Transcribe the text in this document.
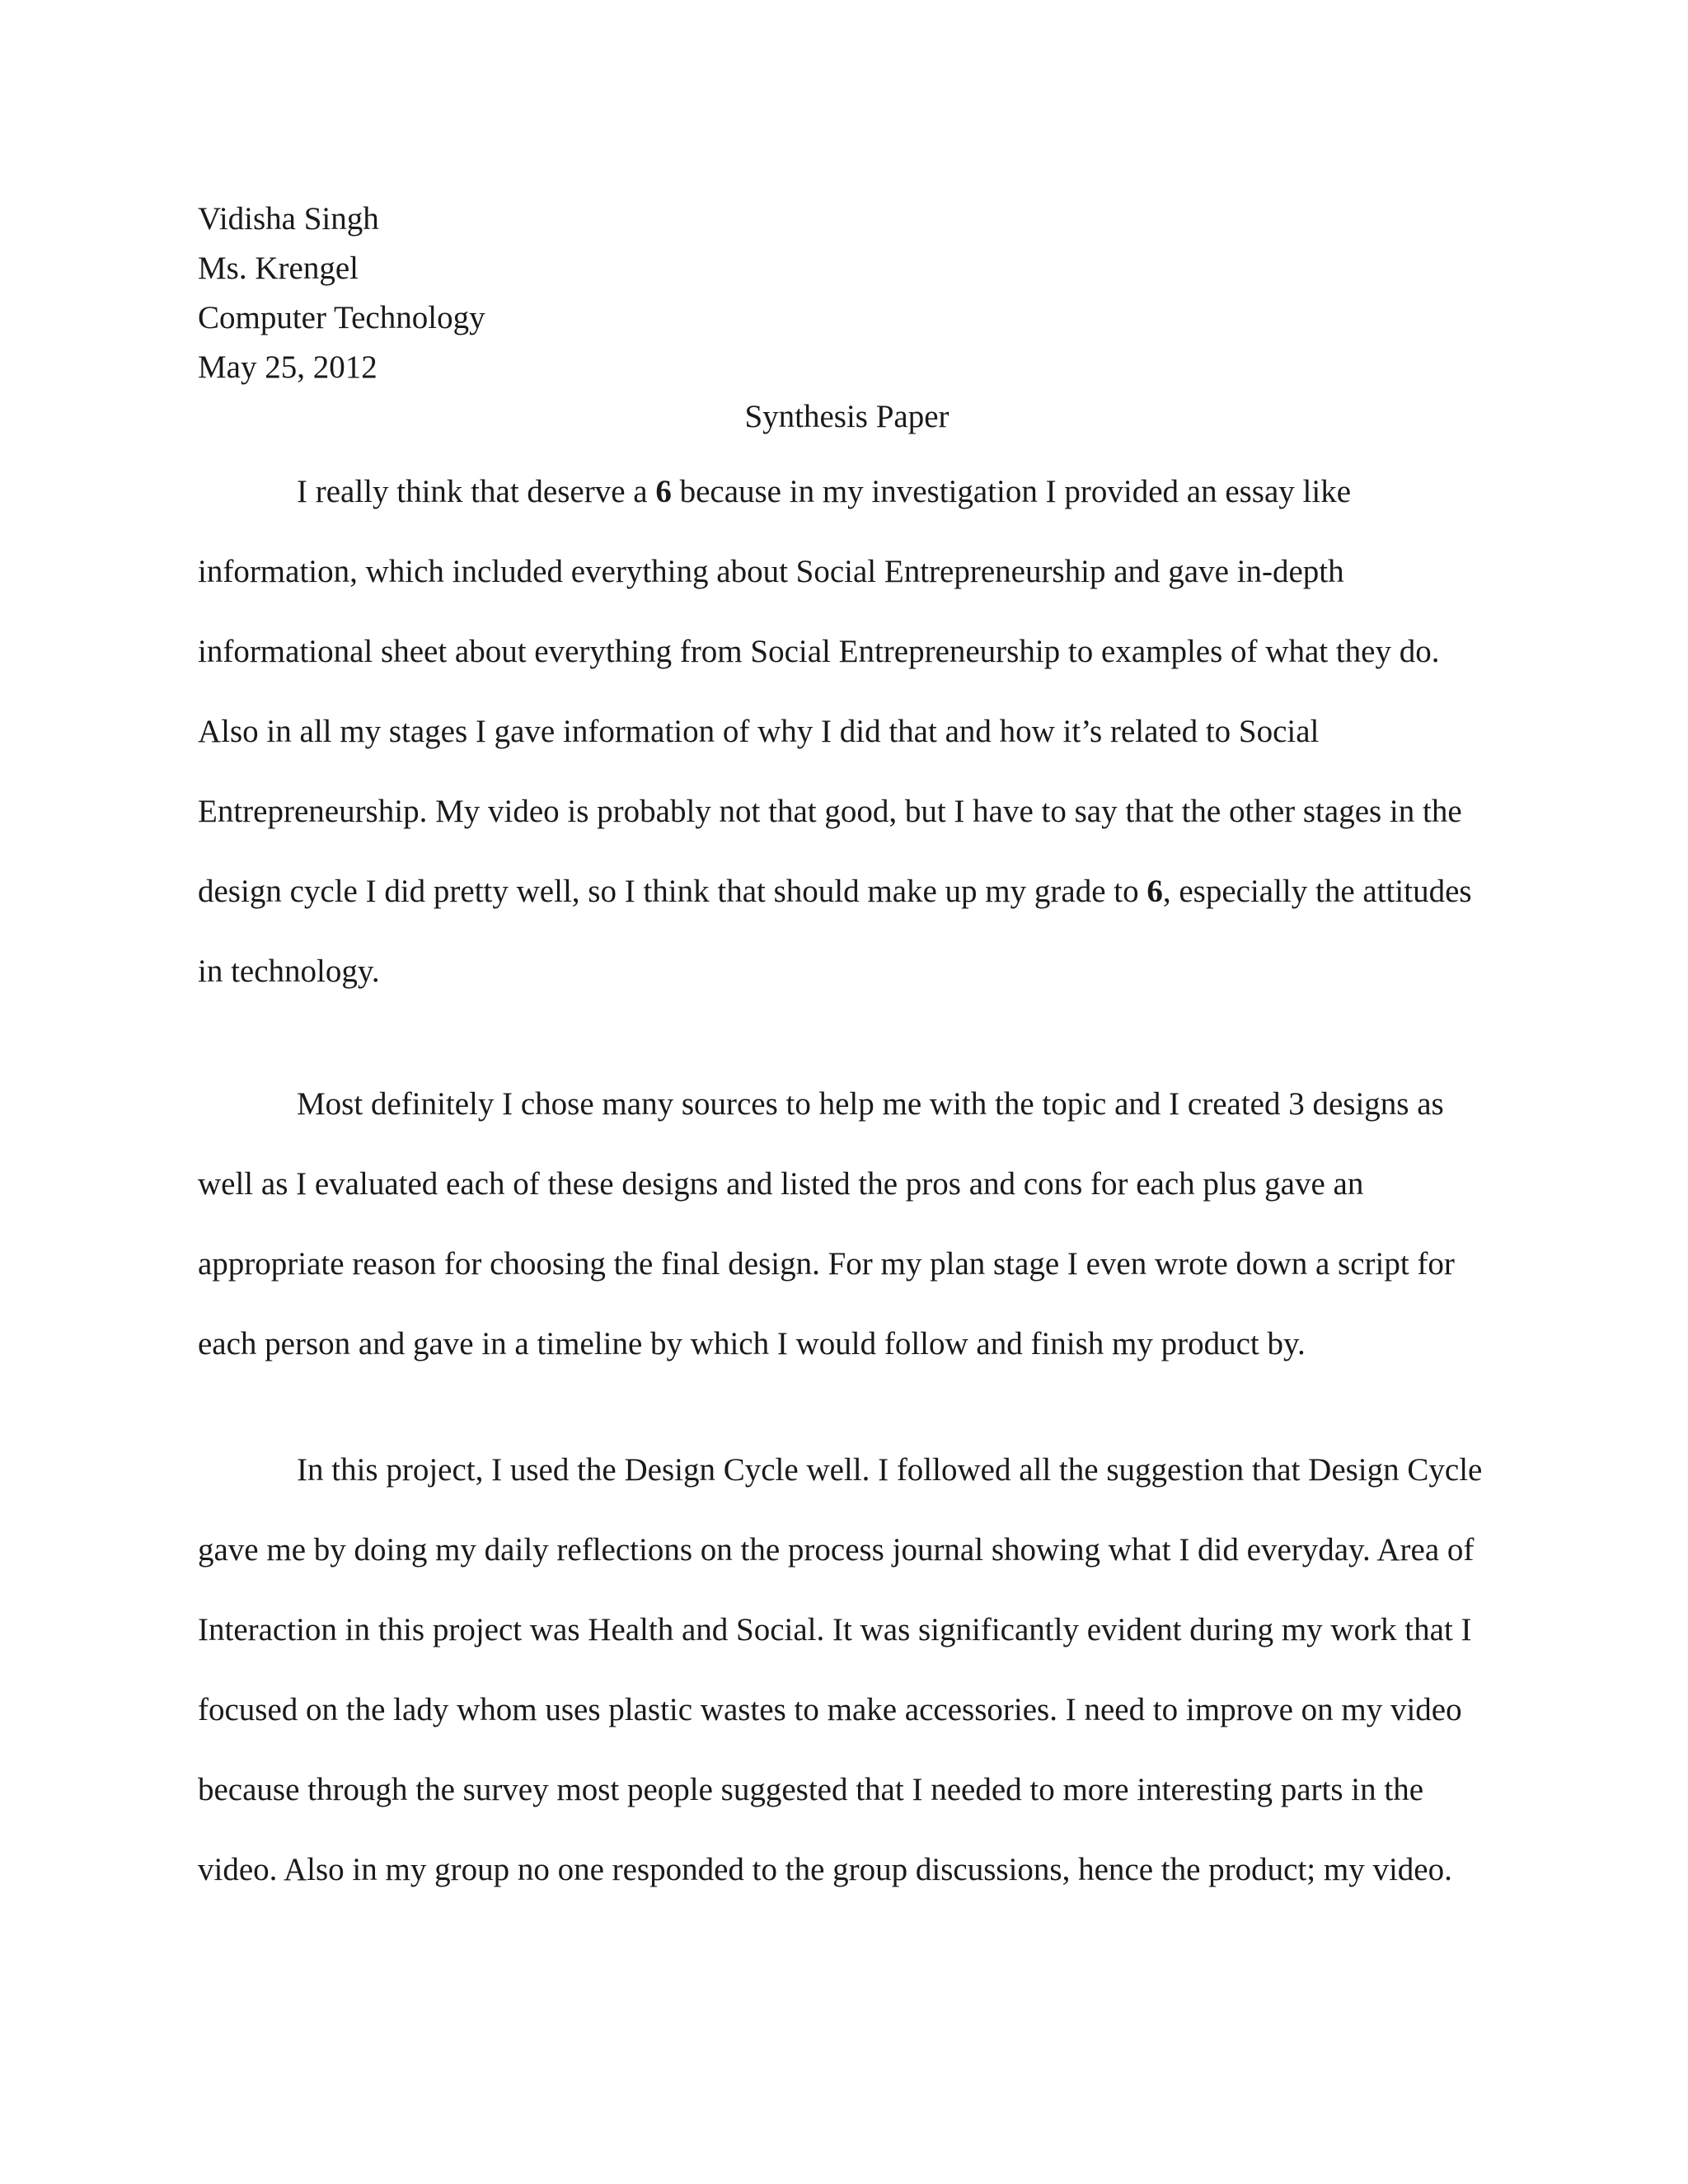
Vidisha Singh
Ms. Krengel
Computer Technology
May 25, 2012
Synthesis Paper

I really think that deserve a 6 because in my investigation I provided an essay like information, which included everything about Social Entrepreneurship and gave in-depth informational sheet about everything from Social Entrepreneurship to examples of what they do. Also in all my stages I gave information of why I did that and how it’s related to Social Entrepreneurship. My video is probably not that good, but I have to say that the other stages in the design cycle I did pretty well, so I think that should make up my grade to 6, especially the attitudes in technology.

Most definitely I chose many sources to help me with the topic and I created 3 designs as well as I evaluated each of these designs and listed the pros and cons for each plus gave an appropriate reason for choosing the final design. For my plan stage I even wrote down a script for each person and gave in a timeline by which I would follow and finish my product by.

In this project, I used the Design Cycle well. I followed all the suggestion that Design Cycle gave me by doing my daily reflections on the process journal showing what I did everyday. Area of Interaction in this project was Health and Social. It was significantly evident during my work that I focused on the lady whom uses plastic wastes to make accessories. I need to improve on my video because through the survey most people suggested that I needed to more interesting parts in the video. Also in my group no one responded to the group discussions, hence the product; my video.
